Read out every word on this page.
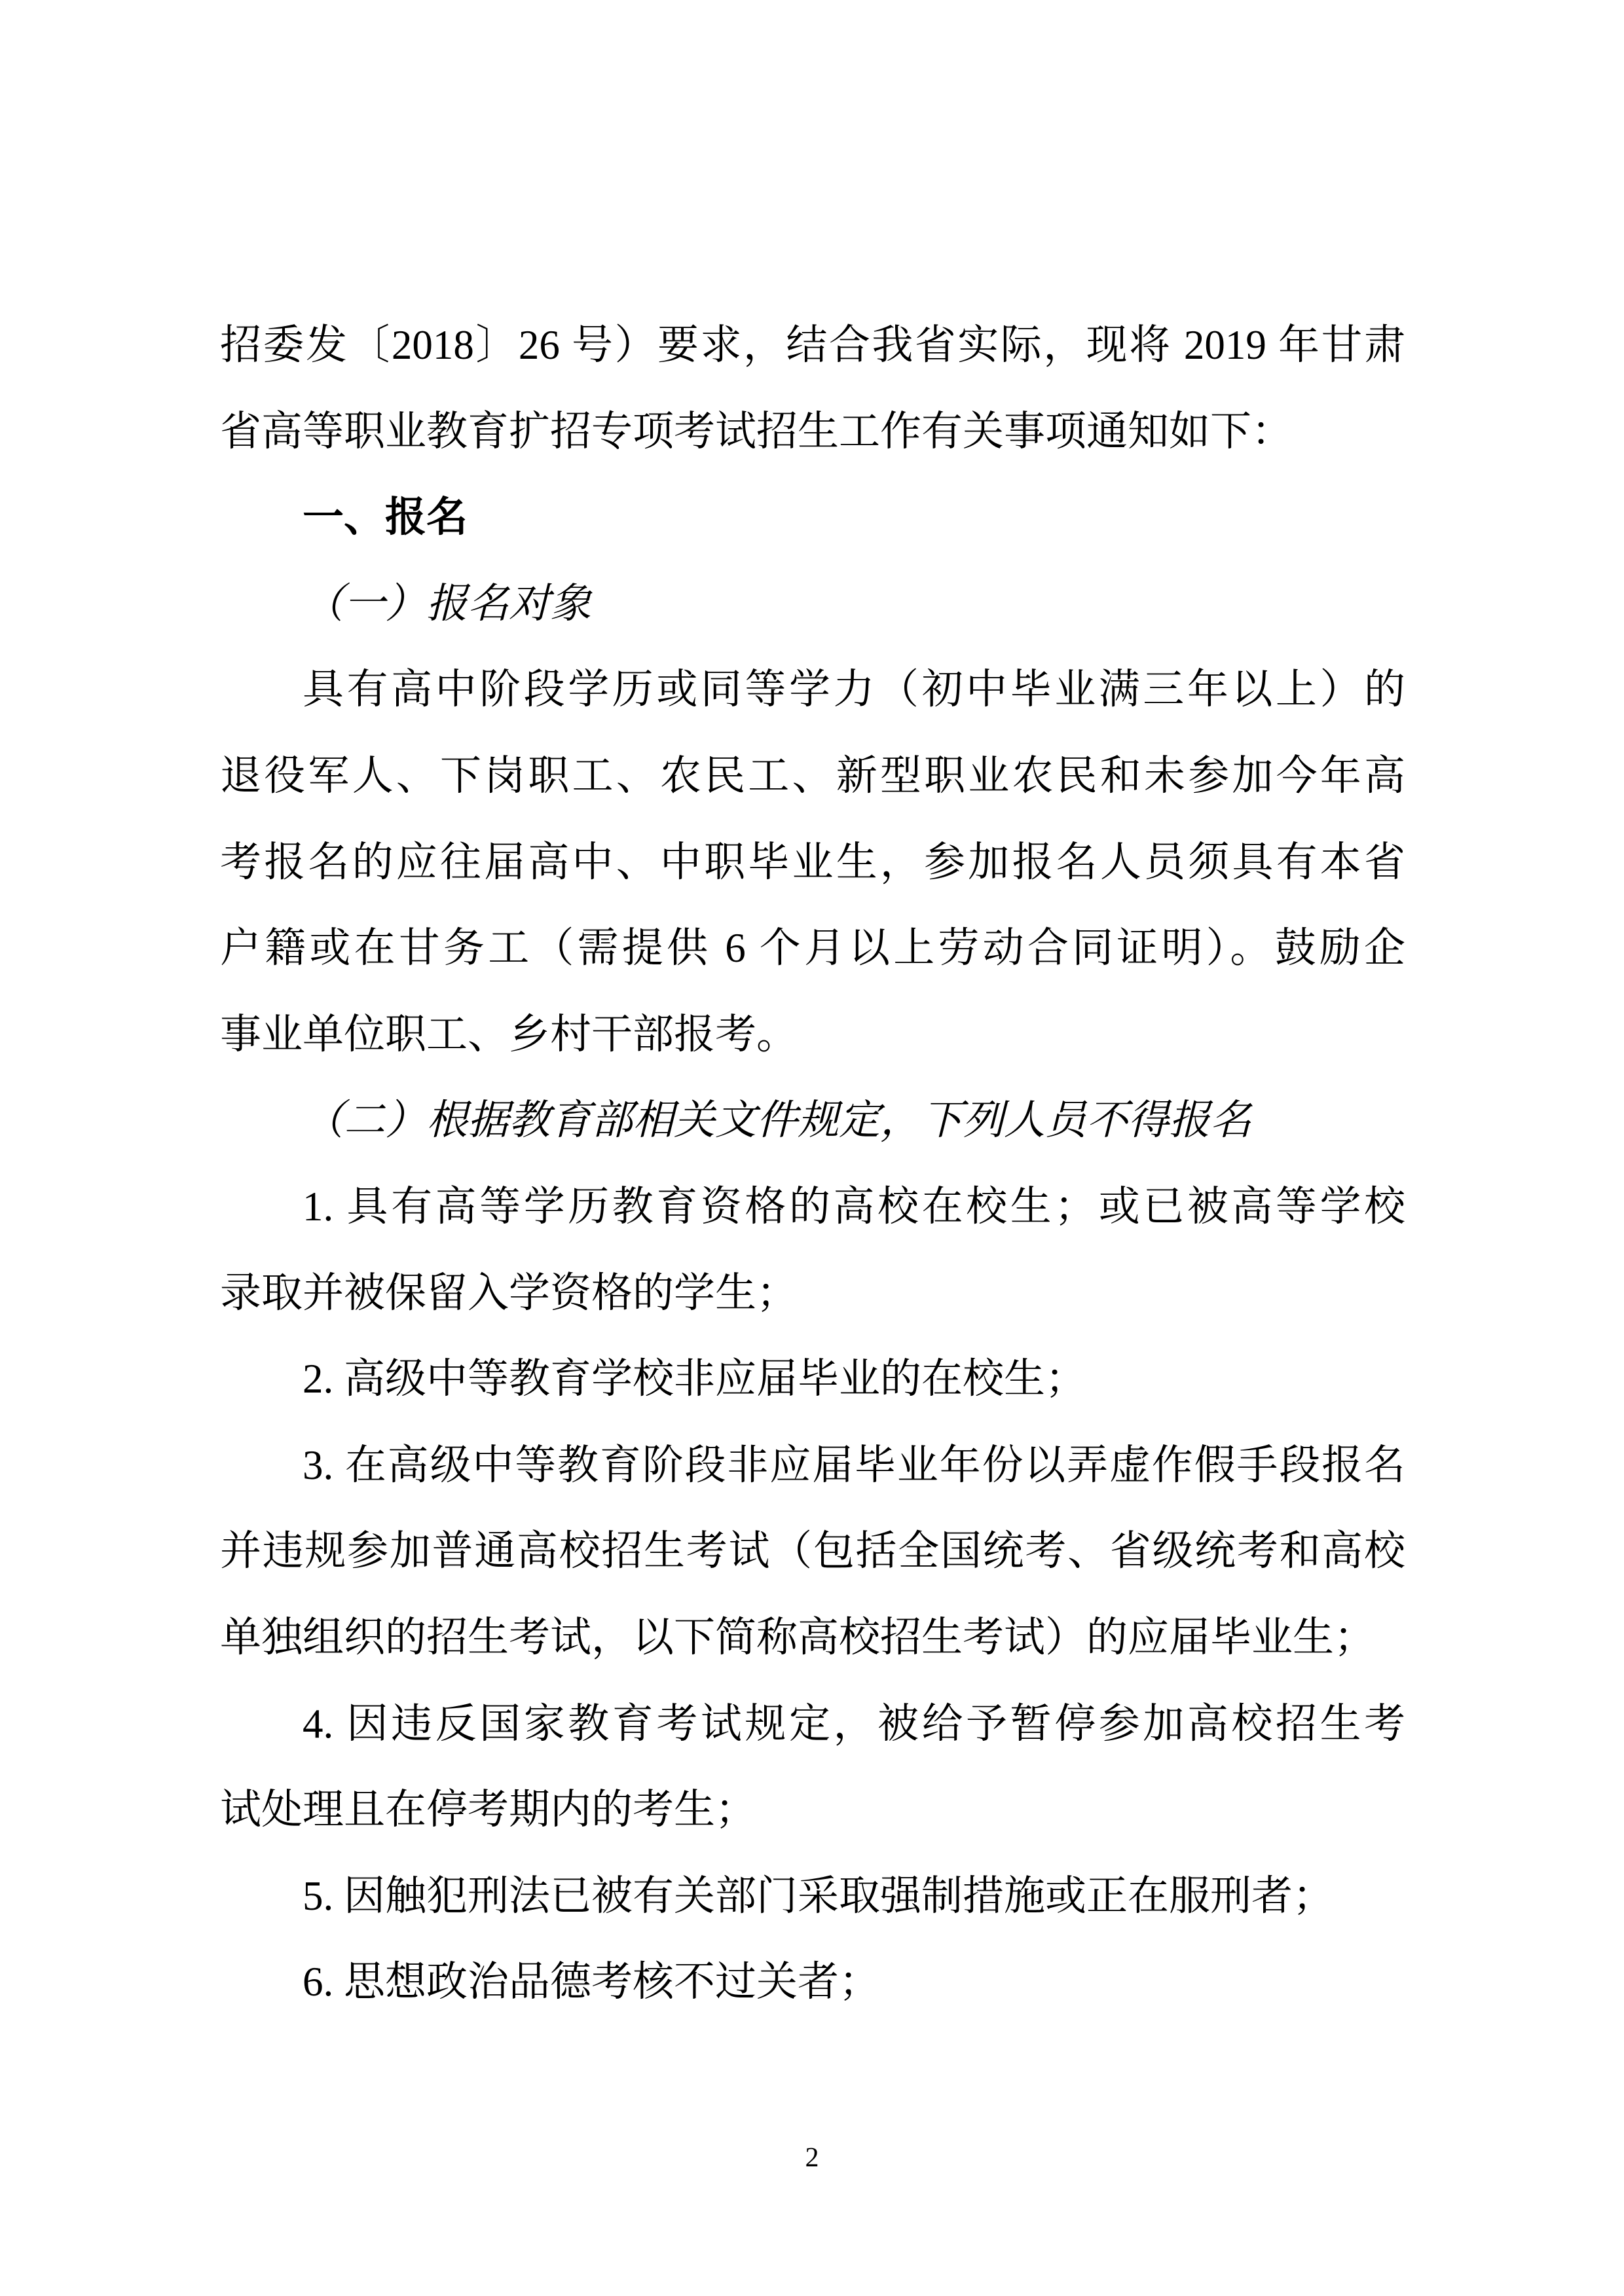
招委发〔2018〕26 号）要求，结合我省实际，现将 2019 年甘肃
省高等职业教育扩招专项考试招生工作有关事项通知如下：
一、报名
（一）报名对象
具有高中阶段学历或同等学力（初中毕业满三年以上）的
退役军人、下岗职工、农民工、新型职业农民和未参加今年高
考报名的应往届高中、中职毕业生，参加报名人员须具有本省
户籍或在甘务工（需提供 6 个月以上劳动合同证明）。鼓励企
事业单位职工、乡村干部报考。
（二）根据教育部相关文件规定，下列人员不得报名
1. 具有高等学历教育资格的高校在校生；或已被高等学校
录取并被保留入学资格的学生；
2. 高级中等教育学校非应届毕业的在校生；
3. 在高级中等教育阶段非应届毕业年份以弄虚作假手段报名
并违规参加普通高校招生考试（包括全国统考、省级统考和高校
单独组织的招生考试，以下简称高校招生考试）的应届毕业生；
4. 因违反国家教育考试规定，被给予暂停参加高校招生考
试处理且在停考期内的考生；
5. 因触犯刑法已被有关部门采取强制措施或正在服刑者；
6. 思想政治品德考核不过关者；
2
